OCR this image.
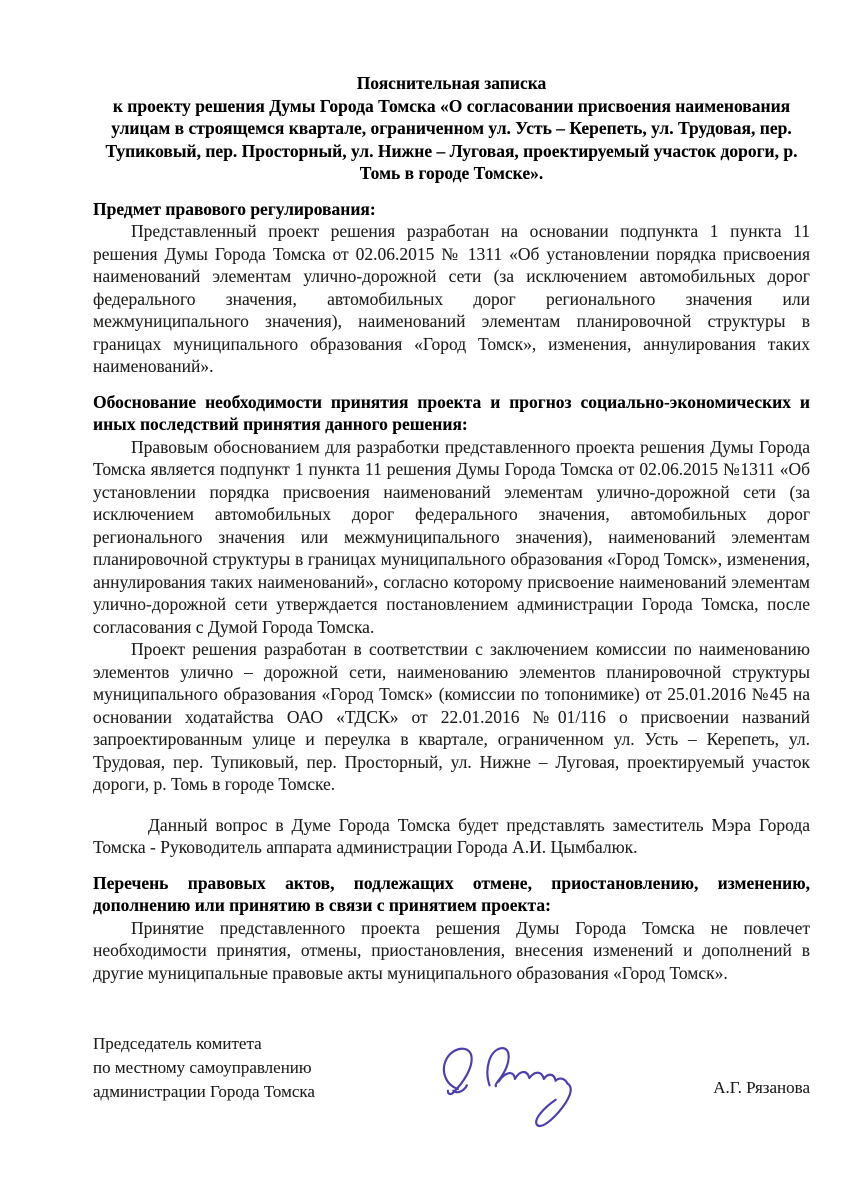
Пояснительная записка
к проекту решения Думы Города Томска «О согласовании присвоения наименования улицам в строящемся квартале, ограниченном ул. Усть – Керепеть, ул. Трудовая, пер. Тупиковый, пер. Просторный, ул. Нижне – Луговая, проектируемый участок дороги, р. Томь в городе Томске».
Предмет правового регулирования:

Представленный проект решения разработан на основании подпункта 1 пункта 11 решения Думы Города Томска от 02.06.2015 № 1311 «Об установлении порядка присвоения наименований элементам улично-дорожной сети (за исключением автомобильных дорог федерального значения, автомобильных дорог регионального значения или межмуниципального значения), наименований элементам планировочной структуры в границах муниципального образования «Город Томск», изменения, аннулирования таких наименований».

Обоснование необходимости принятия проекта и прогноз социально-экономических и иных последствий принятия данного решения:

Правовым обоснованием для разработки представленного проекта решения Думы Города Томска является подпункт 1 пункта 11 решения Думы Города Томска от 02.06.2015 №1311 «Об установлении порядка присвоения наименований элементам улично-дорожной сети (за исключением автомобильных дорог федерального значения, автомобильных дорог регионального значения или межмуниципального значения), наименований элементам планировочной структуры в границах муниципального образования «Город Томск», изменения, аннулирования таких наименований», согласно которому присвоение наименований элементам улично-дорожной сети утверждается постановлением администрации Города Томска, после согласования с Думой Города Томска.

Проект решения разработан в соответствии с заключением комиссии по наименованию элементов улично – дорожной сети, наименованию элементов планировочной структуры муниципального образования «Город Томск» (комиссии по топонимике) от 25.01.2016 №45 на основании ходатайства ОАО «ТДСК» от 22.01.2016 №01/116 о присвоении названий запроектированным улице и переулка в квартале, ограниченном ул. Усть – Керепеть, ул. Трудовая, пер. Тупиковый, пер. Просторный, ул. Нижне – Луговая, проектируемый участок дороги, р. Томь в городе Томске.

Данный вопрос в Думе Города Томска будет представлять заместитель Мэра Города Томска - Руководитель аппарата администрации Города А.И. Цымбалюк.

Перечень правовых актов, подлежащих отмене, приостановлению, изменению, дополнению или принятию в связи с принятием проекта:

Принятие представленного проекта решения Думы Города Томска не повлечет необходимости принятия, отмены, приостановления, внесения изменений и дополнений в другие муниципальные правовые акты муниципального образования «Город Томск».

Председатель комитета
по местному самоуправлению
администрации Города Томска	А.Г. Рязанова
